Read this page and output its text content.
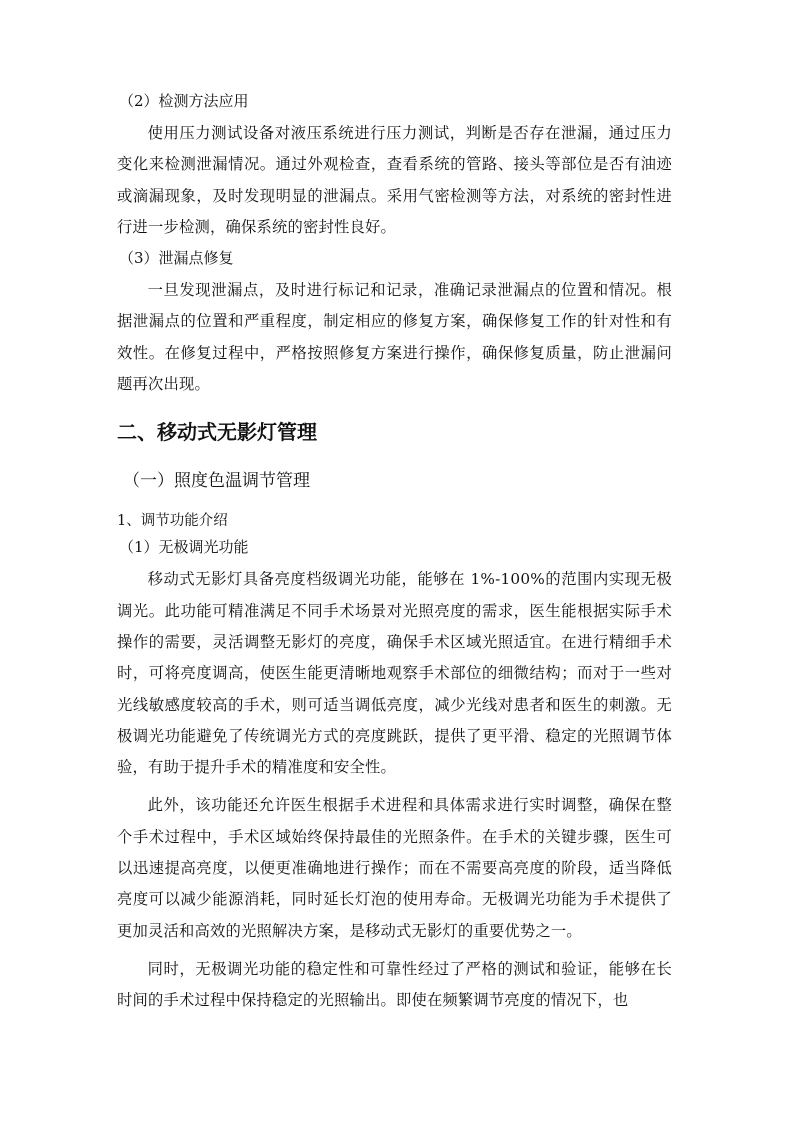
（2）检测方法应用

使用压力测试设备对液压系统进行压力测试，判断是否存在泄漏，通过压力变化来检测泄漏情况。通过外观检查，查看系统的管路、接头等部位是否有油迹或滴漏现象，及时发现明显的泄漏点。采用气密检测等方法，对系统的密封性进行进一步检测，确保系统的密封性良好。

（3）泄漏点修复

一旦发现泄漏点，及时进行标记和记录，准确记录泄漏点的位置和情况。根据泄漏点的位置和严重程度，制定相应的修复方案，确保修复工作的针对性和有效性。在修复过程中，严格按照修复方案进行操作，确保修复质量，防止泄漏问题再次出现。

二、移动式无影灯管理
（一）照度色温调节管理
1、调节功能介绍
（1）无极调光功能

移动式无影灯具备亮度档级调光功能，能够在 1%-100%的范围内实现无极调光。此功能可精准满足不同手术场景对光照亮度的需求，医生能根据实际手术操作的需要，灵活调整无影灯的亮度，确保手术区域光照适宜。在进行精细手术时，可将亮度调高，使医生能更清晰地观察手术部位的细微结构；而对于一些对光线敏感度较高的手术，则可适当调低亮度，减少光线对患者和医生的刺激。无极调光功能避免了传统调光方式的亮度跳跃，提供了更平滑、稳定的光照调节体验，有助于提升手术的精准度和安全性。

此外，该功能还允许医生根据手术进程和具体需求进行实时调整，确保在整个手术过程中，手术区域始终保持最佳的光照条件。在手术的关键步骤，医生可以迅速提高亮度，以便更准确地进行操作；而在不需要高亮度的阶段，适当降低亮度可以减少能源消耗，同时延长灯泡的使用寿命。无极调光功能为手术提供了更加灵活和高效的光照解决方案，是移动式无影灯的重要优势之一。

同时，无极调光功能的稳定性和可靠性经过了严格的测试和验证，能够在长时间的手术过程中保持稳定的光照输出。即使在频繁调节亮度的情况下，也
